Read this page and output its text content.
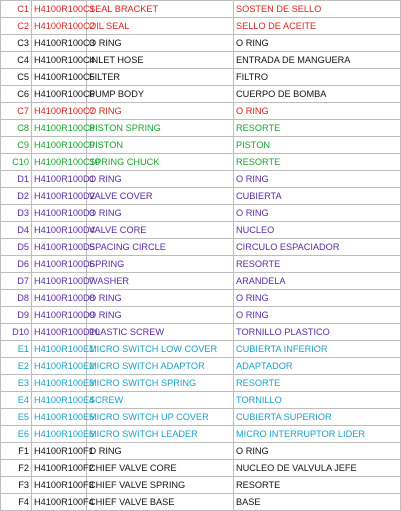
C1	H4100R100C1	SEAL BRACKET	SOSTEN DE SELLO
C2	H4100R100C2	OIL SEAL	SELLO DE ACEITE
C3	H4100R100C3	O RING	O RING
C4	H4100R100C4	INLET HOSE	ENTRADA DE MANGUERA
C5	H4100R100C5	FILTER	FILTRO
C6	H4100R100C6	PUMP BODY	CUERPO DE BOMBA
C7	H4100R100C7	O RING	O RING
C8	H4100R100C8	PISTON SPRING	RESORTE
C9	H4100R100C9	PISTON	PISTON
C10	H4100R100C10	SPRING CHUCK	RESORTE
D1	H4100R100D1	O RING	O RING
D2	H4100R100D2	VALVE COVER	CUBIERTA
D3	H4100R100D3	O RING	O RING
D4	H4100R100D4	VALVE CORE	NUCLEO
D5	H4100R100D5	SPACING CIRCLE	CIRCULO ESPACIADOR
D6	H4100R100D6	SPRING	RESORTE
D7	H4100R100D7	WASHER	ARANDELA
D8	H4100R100D8	O RING	O RING
D9	H4100R100D9	O RING	O RING
D10	H4100R100D10	PLASTIC SCREW	TORNILLO PLASTICO
E1	H4100R100E1	MICRO SWITCH LOW COVER	CUBIERTA INFERIOR
E2	H4100R100E2	MICRO SWITCH ADAPTOR	ADAPTADOR
E3	H4100R100E3	MICRO SWITCH SPRING	RESORTE
E4	H4100R100E4	SCREW	TORNILLO
E5	H4100R100E5	MICRO SWITCH UP COVER	CUBIERTA SUPERIOR
E6	H4100R100E6	MICRO SWITCH LEADER	MICRO INTERRUPTOR LIDER
F1	H4100R100F1	O RING	O RING
F2	H4100R100F2	CHIEF VALVE CORE	NUCLEO DE VALVULA JEFE
F3	H4100R100F3	CHIEF VALVE SPRING	RESORTE
F4	H4100R100F4	CHIEF VALVE BASE	BASE
